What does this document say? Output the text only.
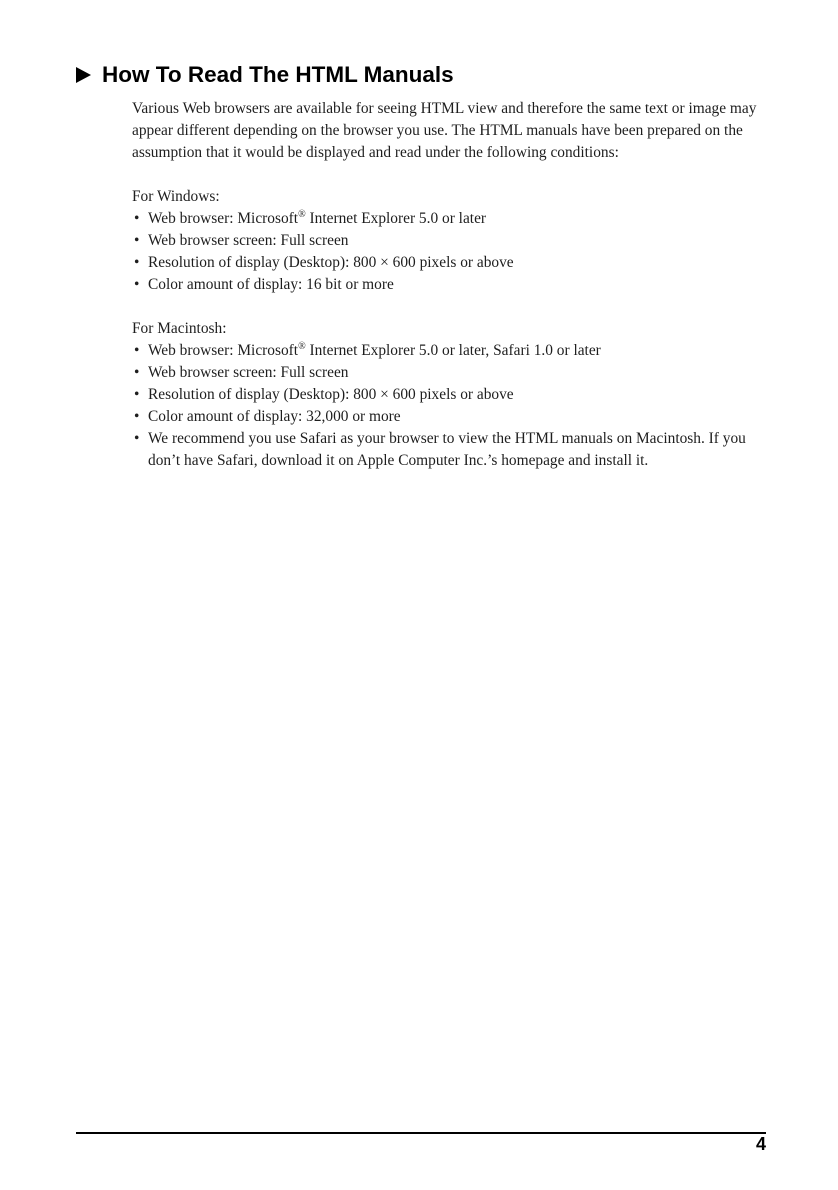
How To Read The HTML Manuals

Various Web browsers are available for seeing HTML view and therefore the same text or image may appear different depending on the browser you use. The HTML manuals have been prepared on the assumption that it would be displayed and read under the following conditions:

For Windows:

• Web browser: Microsoft® Internet Explorer 5.0 or later
• Web browser screen: Full screen
• Resolution of display (Desktop): 800 × 600 pixels or above
• Color amount of display: 16 bit or more

For Macintosh:

• Web browser: Microsoft® Internet Explorer 5.0 or later, Safari 1.0 or later
• Web browser screen: Full screen
• Resolution of display (Desktop): 800 × 600 pixels or above
• Color amount of display: 32,000 or more
• We recommend you use Safari as your browser to view the HTML manuals on Macintosh. If you don’t have Safari, download it on Apple Computer Inc.’s homepage and install it.
4
